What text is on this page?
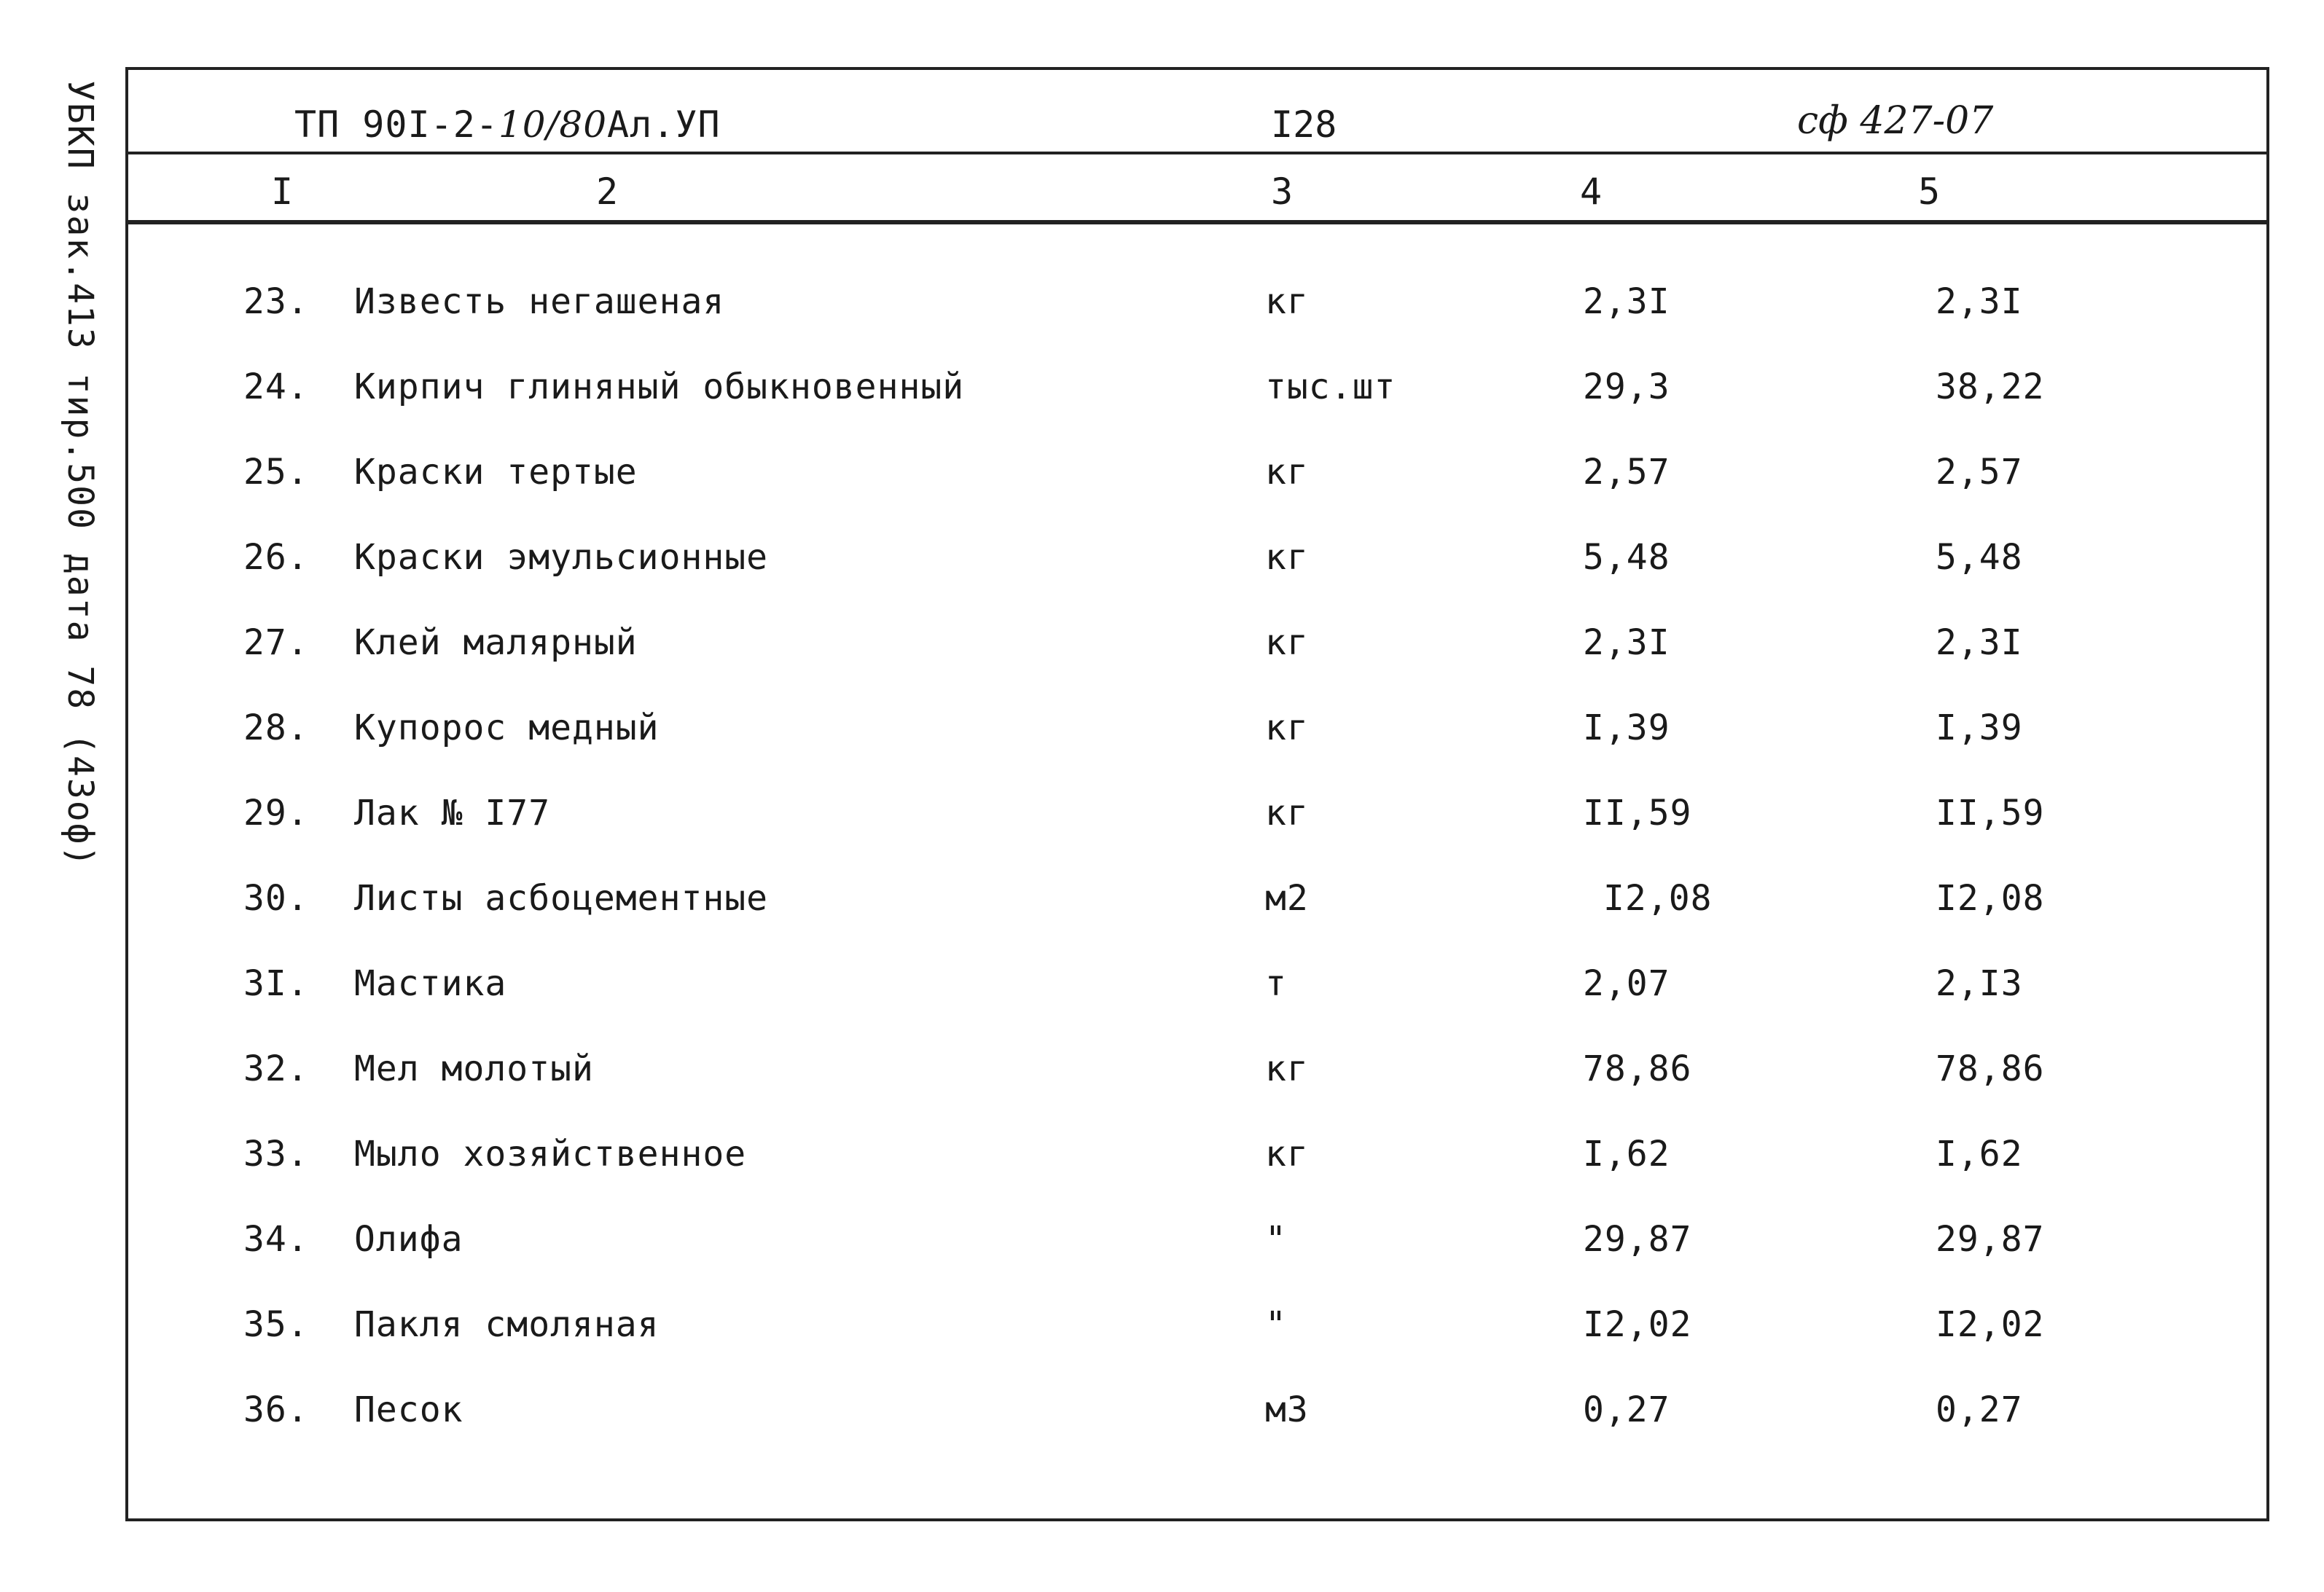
УБКП зак.413 тир.500 дата 78 (43оф)	ТП 90I-2-10/80Ал.УП	I28	сф 427-07
I	2	3	4	5
23. Известь негашеная	кг	2,3I	2,3I
24. Кирпич глиняный обыкновенный	тыс.шт	29,3	38,22
25. Краски тертые	кг	2,57	2,57
26. Краски эмульсионные	кг	5,48	5,48
27. Клей малярный	кг	2,3I	2,3I
28. Купорос медный	кг	I,39	I,39
29. Лак № I77	кг	II,59	II,59
30. Листы асбоцементные	м2	I2,08	I2,08
3I. Мастика	т	2,07	2,I3
32. Мел молотый	кг	78,86	78,86
33. Мыло хозяйственное	кг	I,62	I,62
34. Олифа	"	29,87	29,87
35. Пакля смоляная	"	I2,02	I2,02
36. Песок	м3	0,27	0,27
